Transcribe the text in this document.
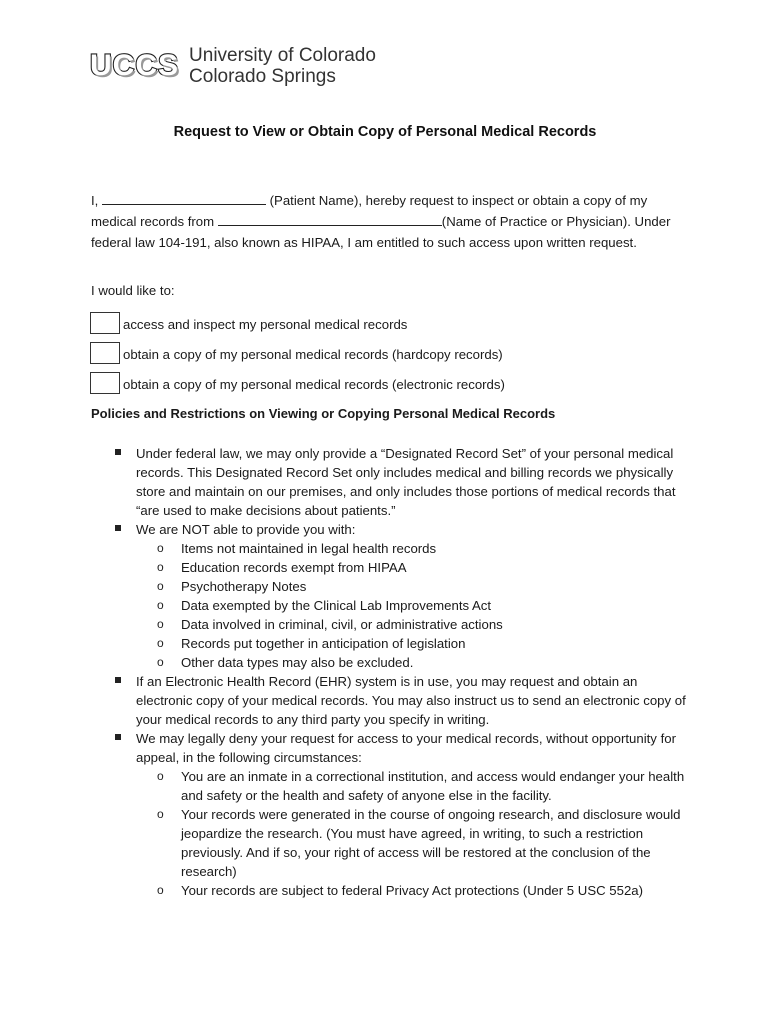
U C C S University of Colorado
Colorado Springs
Request to View or Obtain Copy of Personal Medical Records
I,	(Patient Name), hereby request to inspect or obtain a copy of my medical records from	(Name of Practice or Physician). Under federal law 104-191, also known as HIPAA, I am entitled to such access upon written request.
I would like to:
access and inspect my personal medical records
obtain a copy of my personal medical records (hardcopy records)
obtain a copy of my personal medical records (electronic records)
Policies and Restrictions on Viewing or Copying Personal Medical Records
Under federal law, we may only provide a “Designated Record Set” of your personal medical records. This Designated Record Set only includes medical and billing records we physically store and maintain on our premises, and only includes those portions of medical records that “are used to make decisions about patients.”
We are NOT able to provide you with:
o Items not maintained in legal health records
o Education records exempt from HIPAA
o Psychotherapy Notes
o Data exempted by the Clinical Lab Improvements Act
o Data involved in criminal, civil, or administrative actions
o Records put together in anticipation of legislation
o Other data types may also be excluded.
If an Electronic Health Record (EHR) system is in use, you may request and obtain an electronic copy of your medical records. You may also instruct us to send an electronic copy of your medical records to any third party you specify in writing.
We may legally deny your request for access to your medical records, without opportunity for appeal, in the following circumstances:
o You are an inmate in a correctional institution, and access would endanger your health and safety or the health and safety of anyone else in the facility.
o Your records were generated in the course of ongoing research, and disclosure would jeopardize the research. (You must have agreed, in writing, to such a restriction previously. And if so, your right of access will be restored at the conclusion of the research)
o Your records are subject to federal Privacy Act protections (Under 5 USC 552a)
